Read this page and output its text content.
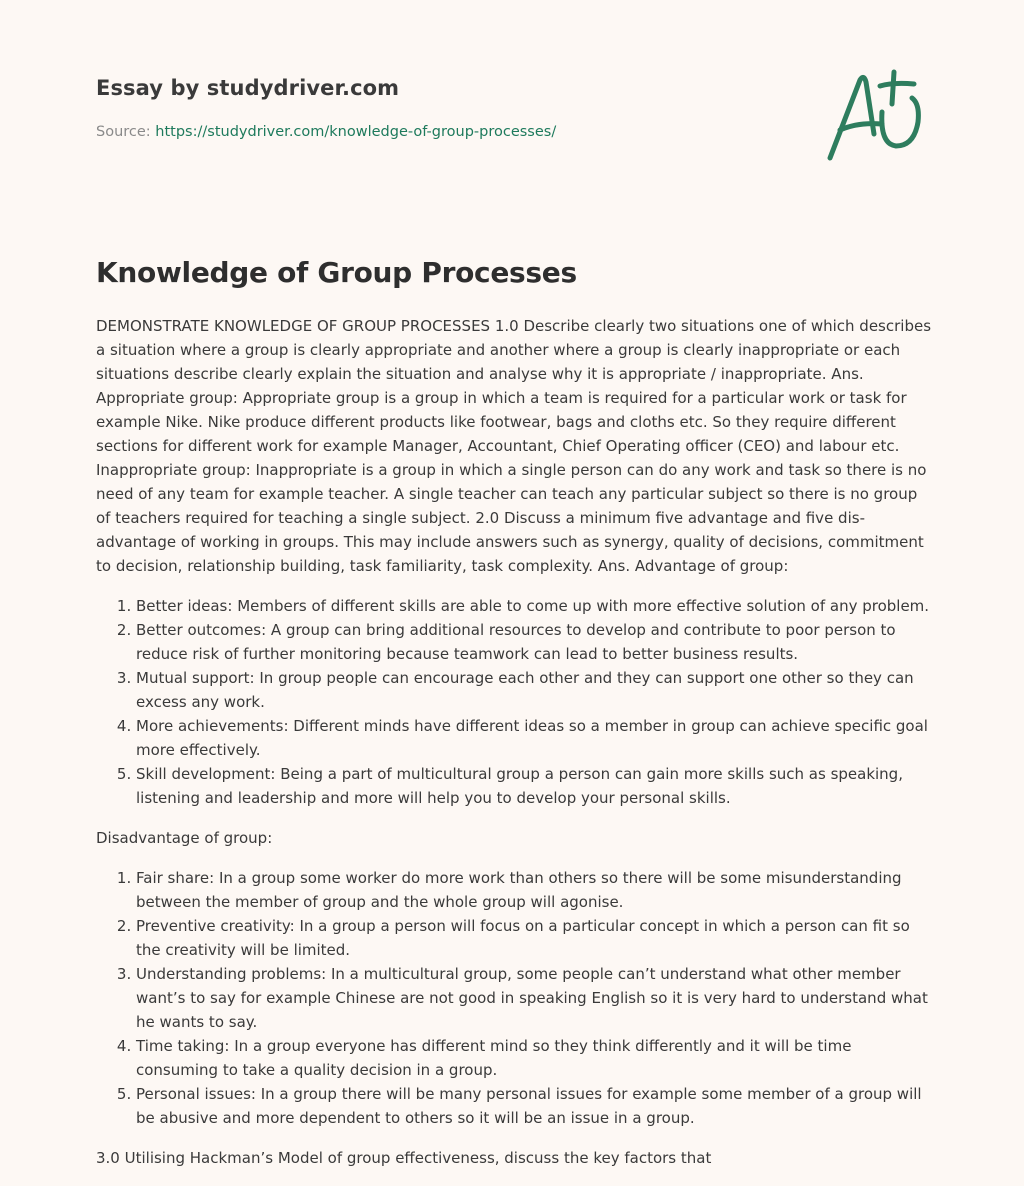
Essay by studydriver.com
Source: https://studydriver.com/knowledge-of-group-processes/
Knowledge of Group Processes

DEMONSTRATE KNOWLEDGE OF GROUP PROCESSES 1.0 Describe clearly two situations one of which describes a situation where a group is clearly appropriate and another where a group is clearly inappropriate or each situations describe clearly explain the situation and analyse why it is appropriate / inappropriate. Ans. Appropriate group: Appropriate group is a group in which a team is required for a particular work or task for example Nike. Nike produce different products like footwear, bags and cloths etc. So they require different sections for different work for example Manager, Accountant, Chief Operating officer (CEO) and labour etc. Inappropriate group: Inappropriate is a group in which a single person can do any work and task so there is no need of any team for example teacher. A single teacher can teach any particular subject so there is no group of teachers required for teaching a single subject. 2.0 Discuss a minimum five advantage and five dis-advantage of working in groups. This may include answers such as synergy, quality of decisions, commitment to decision, relationship building, task familiarity, task complexity. Ans. Advantage of group:

1. Better ideas: Members of different skills are able to come up with more effective solution of any problem.
2. Better outcomes: A group can bring additional resources to develop and contribute to poor person to reduce risk of further monitoring because teamwork can lead to better business results.
3. Mutual support: In group people can encourage each other and they can support one other so they can excess any work.
4. More achievements: Different minds have different ideas so a member in group can achieve specific goal more effectively.
5. Skill development: Being a part of multicultural group a person can gain more skills such as speaking, listening and leadership and more will help you to develop your personal skills.

Disadvantage of group:

1. Fair share: In a group some worker do more work than others so there will be some misunderstanding between the member of group and the whole group will agonise.
2. Preventive creativity: In a group a person will focus on a particular concept in which a person can fit so the creativity will be limited.
3. Understanding problems: In a multicultural group, some people can’t understand what other member want’s to say for example Chinese are not good in speaking English so it is very hard to understand what he wants to say.
4. Time taking: In a group everyone has different mind so they think differently and it will be time consuming to take a quality decision in a group.
5. Personal issues: In a group there will be many personal issues for example some member of a group will be abusive and more dependent to others so it will be an issue in a group.

3.0 Utilising Hackman’s Model of group effectiveness, discuss the key factors that
